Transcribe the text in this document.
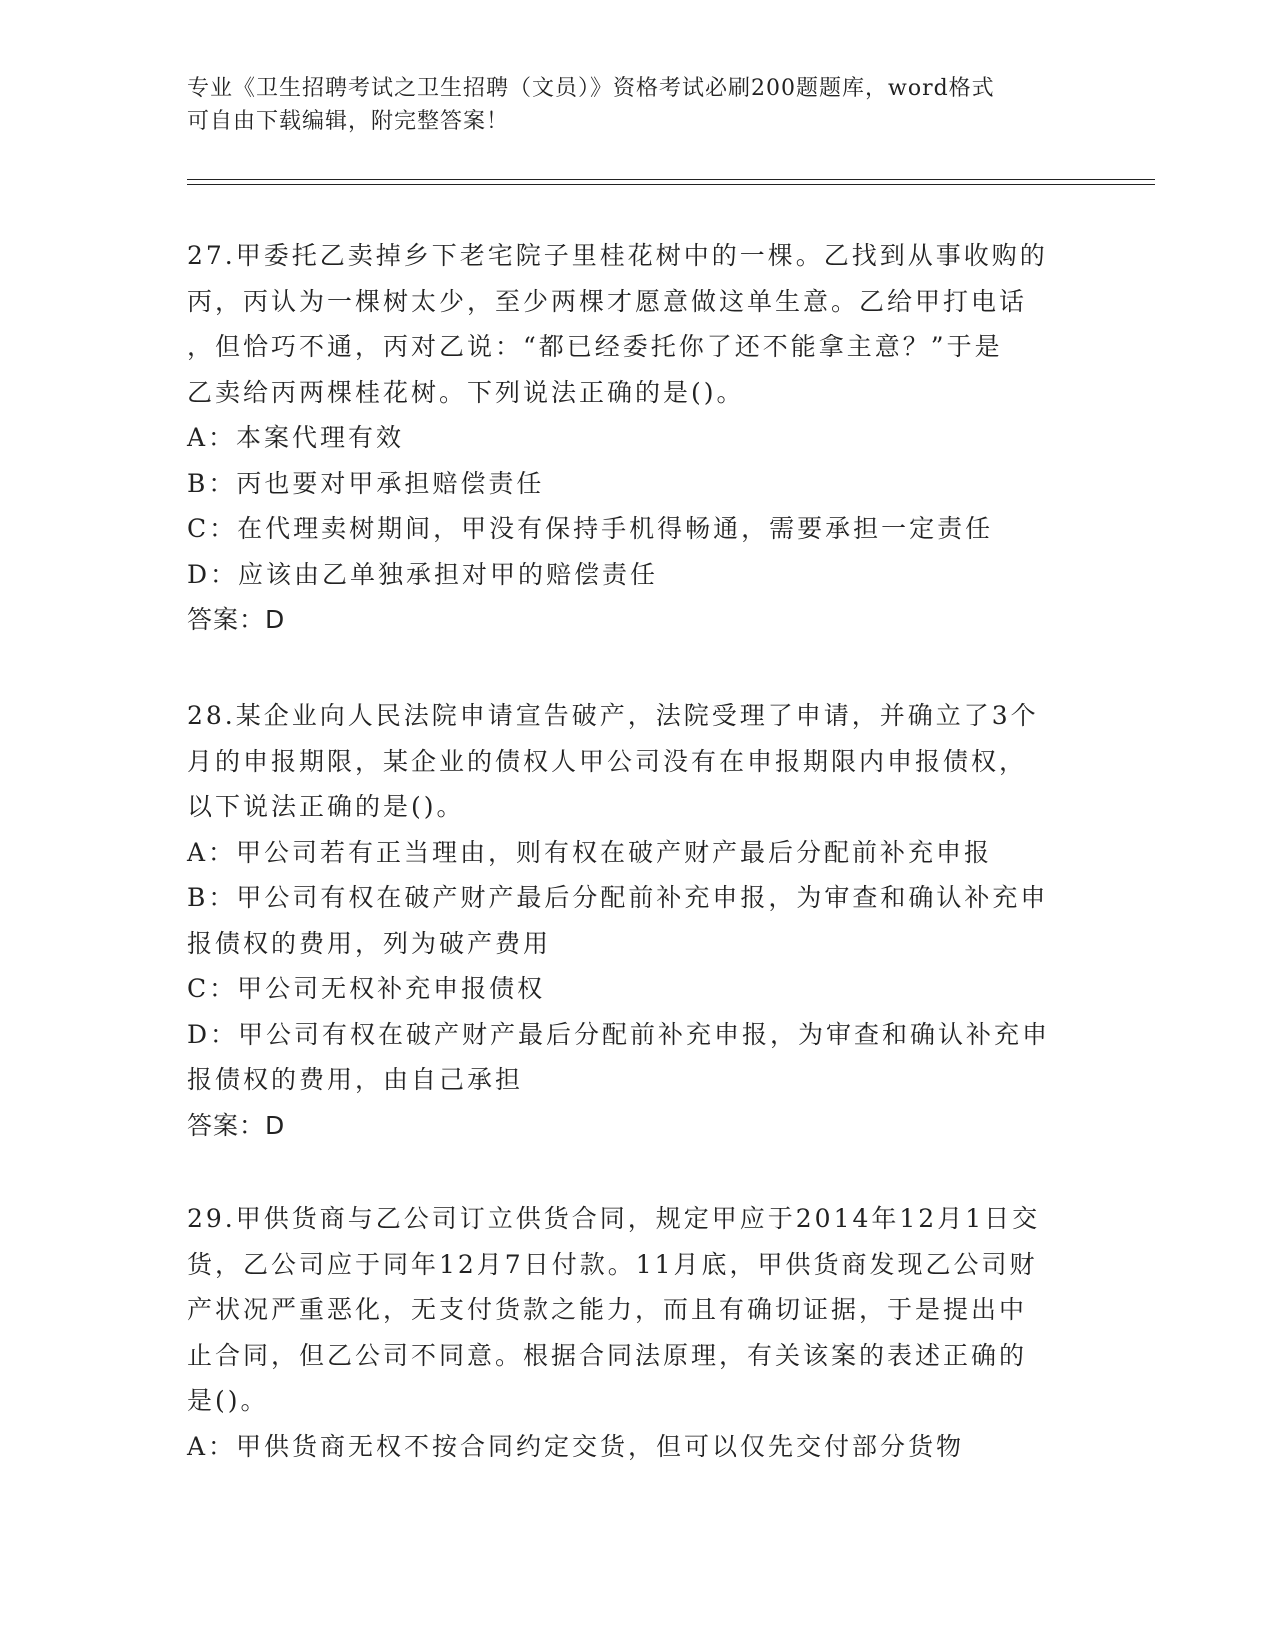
专业《卫生招聘考试之卫生招聘（文员）》资格考试必刷200题题库，word格式
可自由下载编辑，附完整答案！
27.甲委托乙卖掉乡下老宅院子里桂花树中的一棵。乙找到从事收购的
丙，丙认为一棵树太少，至少两棵才愿意做这单生意。乙给甲打电话
，但恰巧不通，丙对乙说：“都已经委托你了还不能拿主意？”于是
乙卖给丙两棵桂花树。下列说法正确的是()。
A：本案代理有效
B：丙也要对甲承担赔偿责任
C：在代理卖树期间，甲没有保持手机得畅通，需要承担一定责任
D：应该由乙单独承担对甲的赔偿责任
答案：D
28.某企业向人民法院申请宣告破产，法院受理了申请，并确立了3个
月的申报期限，某企业的债权人甲公司没有在申报期限内申报债权，
以下说法正确的是()。
A：甲公司若有正当理由，则有权在破产财产最后分配前补充申报
B：甲公司有权在破产财产最后分配前补充申报，为审查和确认补充申
报债权的费用，列为破产费用
C：甲公司无权补充申报债权
D：甲公司有权在破产财产最后分配前补充申报，为审查和确认补充申
报债权的费用，由自己承担
答案：D
29.甲供货商与乙公司订立供货合同，规定甲应于2014年12月1日交
货，乙公司应于同年12月7日付款。11月底，甲供货商发现乙公司财
产状况严重恶化，无支付货款之能力，而且有确切证据，于是提出中
止合同，但乙公司不同意。根据合同法原理，有关该案的表述正确的
是()。
A：甲供货商无权不按合同约定交货，但可以仅先交付部分货物
